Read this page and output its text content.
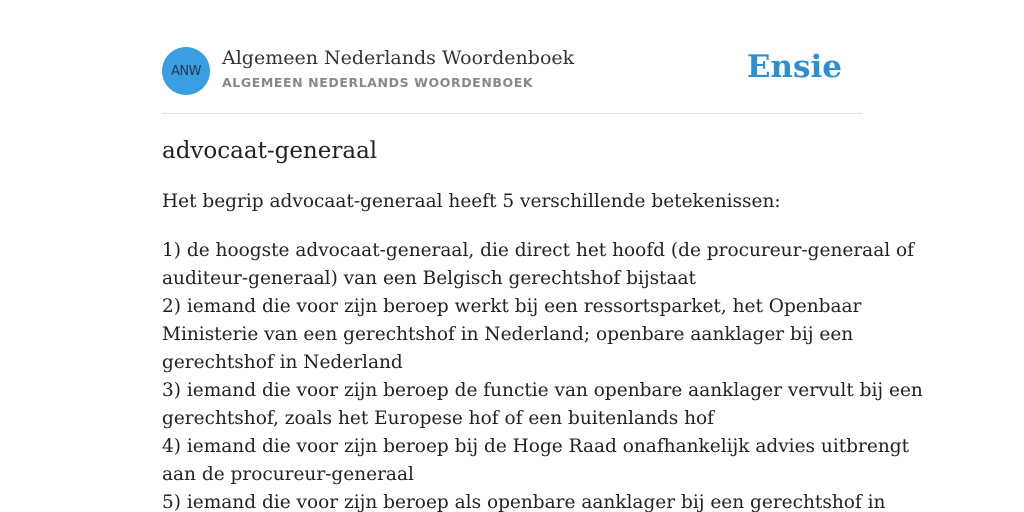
ANW
Algemeen Nederlands Woordenboek
ALGEMEEN NEDERLANDS WOORDENBOEK	Ensie
advocaat-generaal

Het begrip advocaat-generaal heeft 5 verschillende betekenissen:

1) de hoogste advocaat-generaal, die direct het hoofd (de procureur-generaal of
auditeur-generaal) van een Belgisch gerechtshof bijstaat
2) iemand die voor zijn beroep werkt bij een ressortsparket, het Openbaar
Ministerie van een gerechtshof in Nederland; openbare aanklager bij een
gerechtshof in Nederland
3) iemand die voor zijn beroep de functie van openbare aanklager vervult bij een
gerechtshof, zoals het Europese hof of een buitenlands hof
4) iemand die voor zijn beroep bij de Hoge Raad onafhankelijk advies uitbrengt
aan de procureur-generaal
5) iemand die voor zijn beroep als openbare aanklager bij een gerechtshof in
